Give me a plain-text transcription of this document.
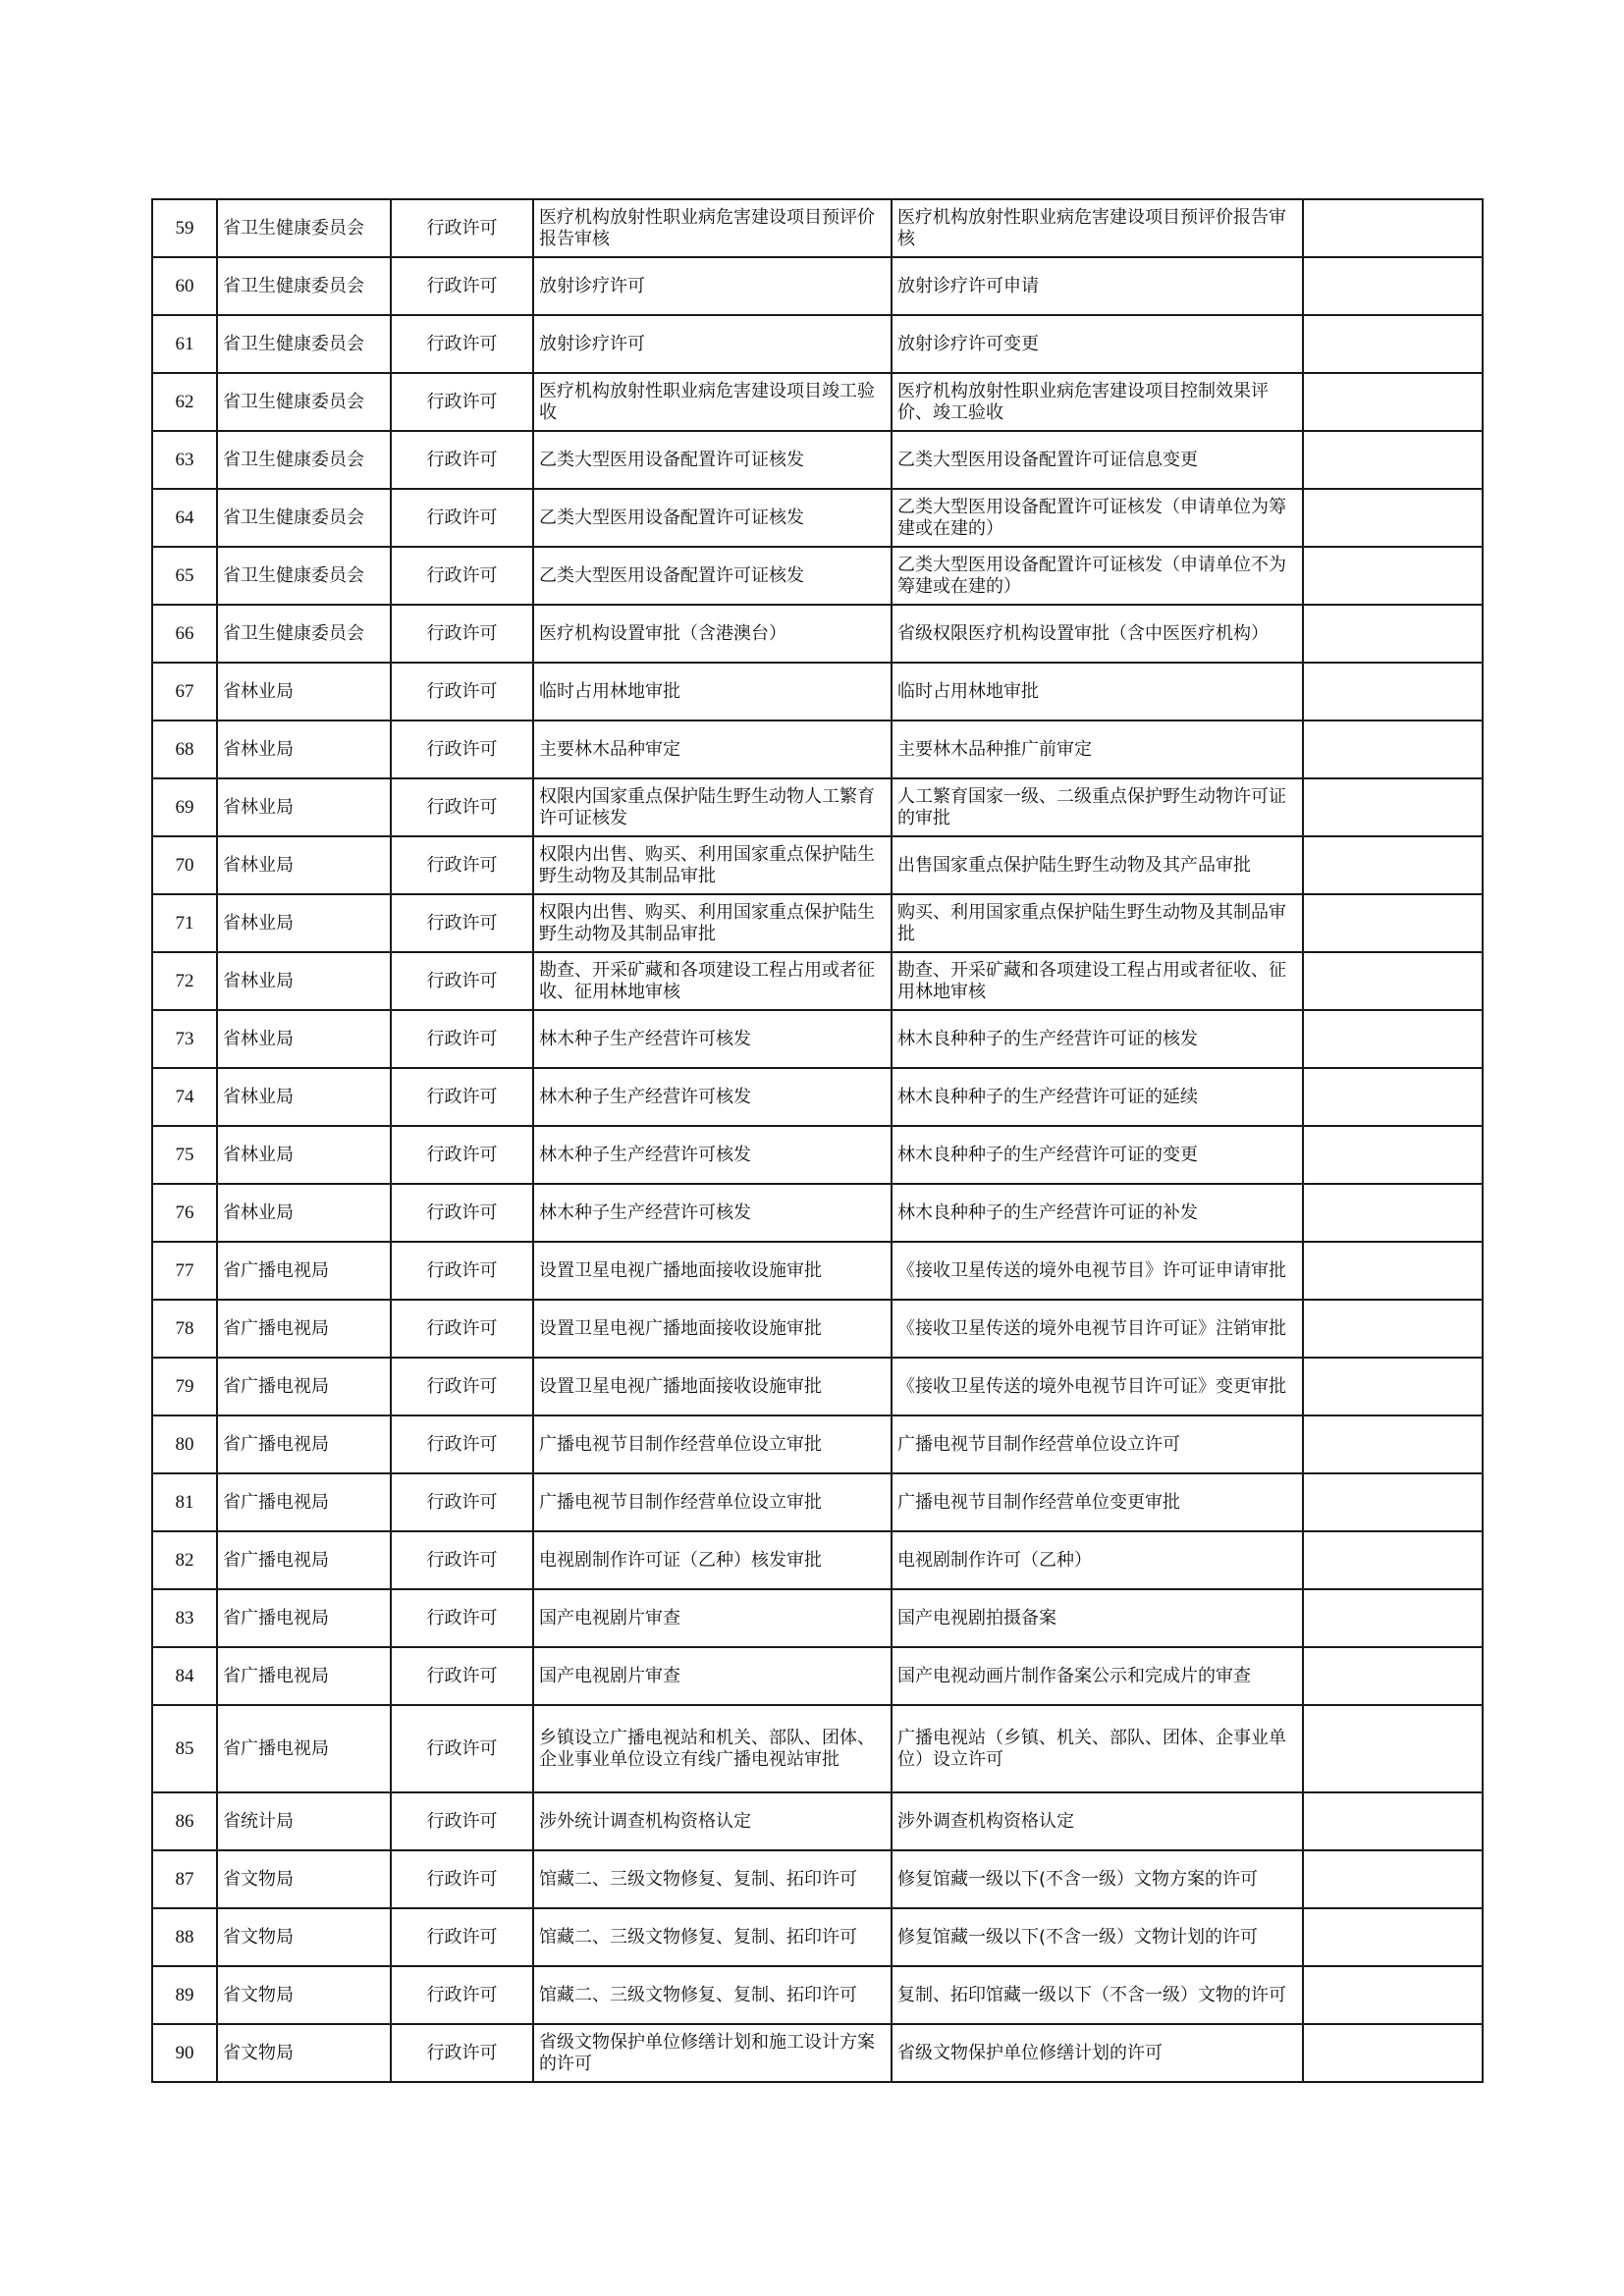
59	省卫生健康委员会	行政许可	医疗机构放射性职业病危害建设项目预评价报告审核	医疗机构放射性职业病危害建设项目预评价报告审核	
60	省卫生健康委员会	行政许可	放射诊疗许可	放射诊疗许可申请	
61	省卫生健康委员会	行政许可	放射诊疗许可	放射诊疗许可变更	
62	省卫生健康委员会	行政许可	医疗机构放射性职业病危害建设项目竣工验收	医疗机构放射性职业病危害建设项目控制效果评价、竣工验收	
63	省卫生健康委员会	行政许可	乙类大型医用设备配置许可证核发	乙类大型医用设备配置许可证信息变更	
64	省卫生健康委员会	行政许可	乙类大型医用设备配置许可证核发	乙类大型医用设备配置许可证核发（申请单位为筹建或在建的）	
65	省卫生健康委员会	行政许可	乙类大型医用设备配置许可证核发	乙类大型医用设备配置许可证核发（申请单位不为筹建或在建的）	
66	省卫生健康委员会	行政许可	医疗机构设置审批（含港澳台）	省级权限医疗机构设置审批（含中医医疗机构）	
67	省林业局	行政许可	临时占用林地审批	临时占用林地审批	
68	省林业局	行政许可	主要林木品种审定	主要林木品种推广前审定	
69	省林业局	行政许可	权限内国家重点保护陆生野生动物人工繁育许可证核发	人工繁育国家一级、二级重点保护野生动物许可证的审批	
70	省林业局	行政许可	权限内出售、购买、利用国家重点保护陆生野生动物及其制品审批	出售国家重点保护陆生野生动物及其产品审批	
71	省林业局	行政许可	权限内出售、购买、利用国家重点保护陆生野生动物及其制品审批	购买、利用国家重点保护陆生野生动物及其制品审批	
72	省林业局	行政许可	勘查、开采矿藏和各项建设工程占用或者征收、征用林地审核	勘查、开采矿藏和各项建设工程占用或者征收、征用林地审核	
73	省林业局	行政许可	林木种子生产经营许可核发	林木良种种子的生产经营许可证的核发	
74	省林业局	行政许可	林木种子生产经营许可核发	林木良种种子的生产经营许可证的延续	
75	省林业局	行政许可	林木种子生产经营许可核发	林木良种种子的生产经营许可证的变更	
76	省林业局	行政许可	林木种子生产经营许可核发	林木良种种子的生产经营许可证的补发	
77	省广播电视局	行政许可	设置卫星电视广播地面接收设施审批	《接收卫星传送的境外电视节目》许可证申请审批	
78	省广播电视局	行政许可	设置卫星电视广播地面接收设施审批	《接收卫星传送的境外电视节目许可证》注销审批	
79	省广播电视局	行政许可	设置卫星电视广播地面接收设施审批	《接收卫星传送的境外电视节目许可证》变更审批	
80	省广播电视局	行政许可	广播电视节目制作经营单位设立审批	广播电视节目制作经营单位设立许可	
81	省广播电视局	行政许可	广播电视节目制作经营单位设立审批	广播电视节目制作经营单位变更审批	
82	省广播电视局	行政许可	电视剧制作许可证（乙种）核发审批	电视剧制作许可（乙种）	
83	省广播电视局	行政许可	国产电视剧片审查	国产电视剧拍摄备案	
84	省广播电视局	行政许可	国产电视剧片审查	国产电视动画片制作备案公示和完成片的审查	
85	省广播电视局	行政许可	乡镇设立广播电视站和机关、部队、团体、企业事业单位设立有线广播电视站审批	广播电视站（乡镇、机关、部队、团体、企事业单位）设立许可	
86	省统计局	行政许可	涉外统计调查机构资格认定	涉外调查机构资格认定	
87	省文物局	行政许可	馆藏二、三级文物修复、复制、拓印许可	修复馆藏一级以下(不含一级）文物方案的许可	
88	省文物局	行政许可	馆藏二、三级文物修复、复制、拓印许可	修复馆藏一级以下(不含一级）文物计划的许可	
89	省文物局	行政许可	馆藏二、三级文物修复、复制、拓印许可	复制、拓印馆藏一级以下（不含一级）文物的许可	
90	省文物局	行政许可	省级文物保护单位修缮计划和施工设计方案的许可	省级文物保护单位修缮计划的许可	
